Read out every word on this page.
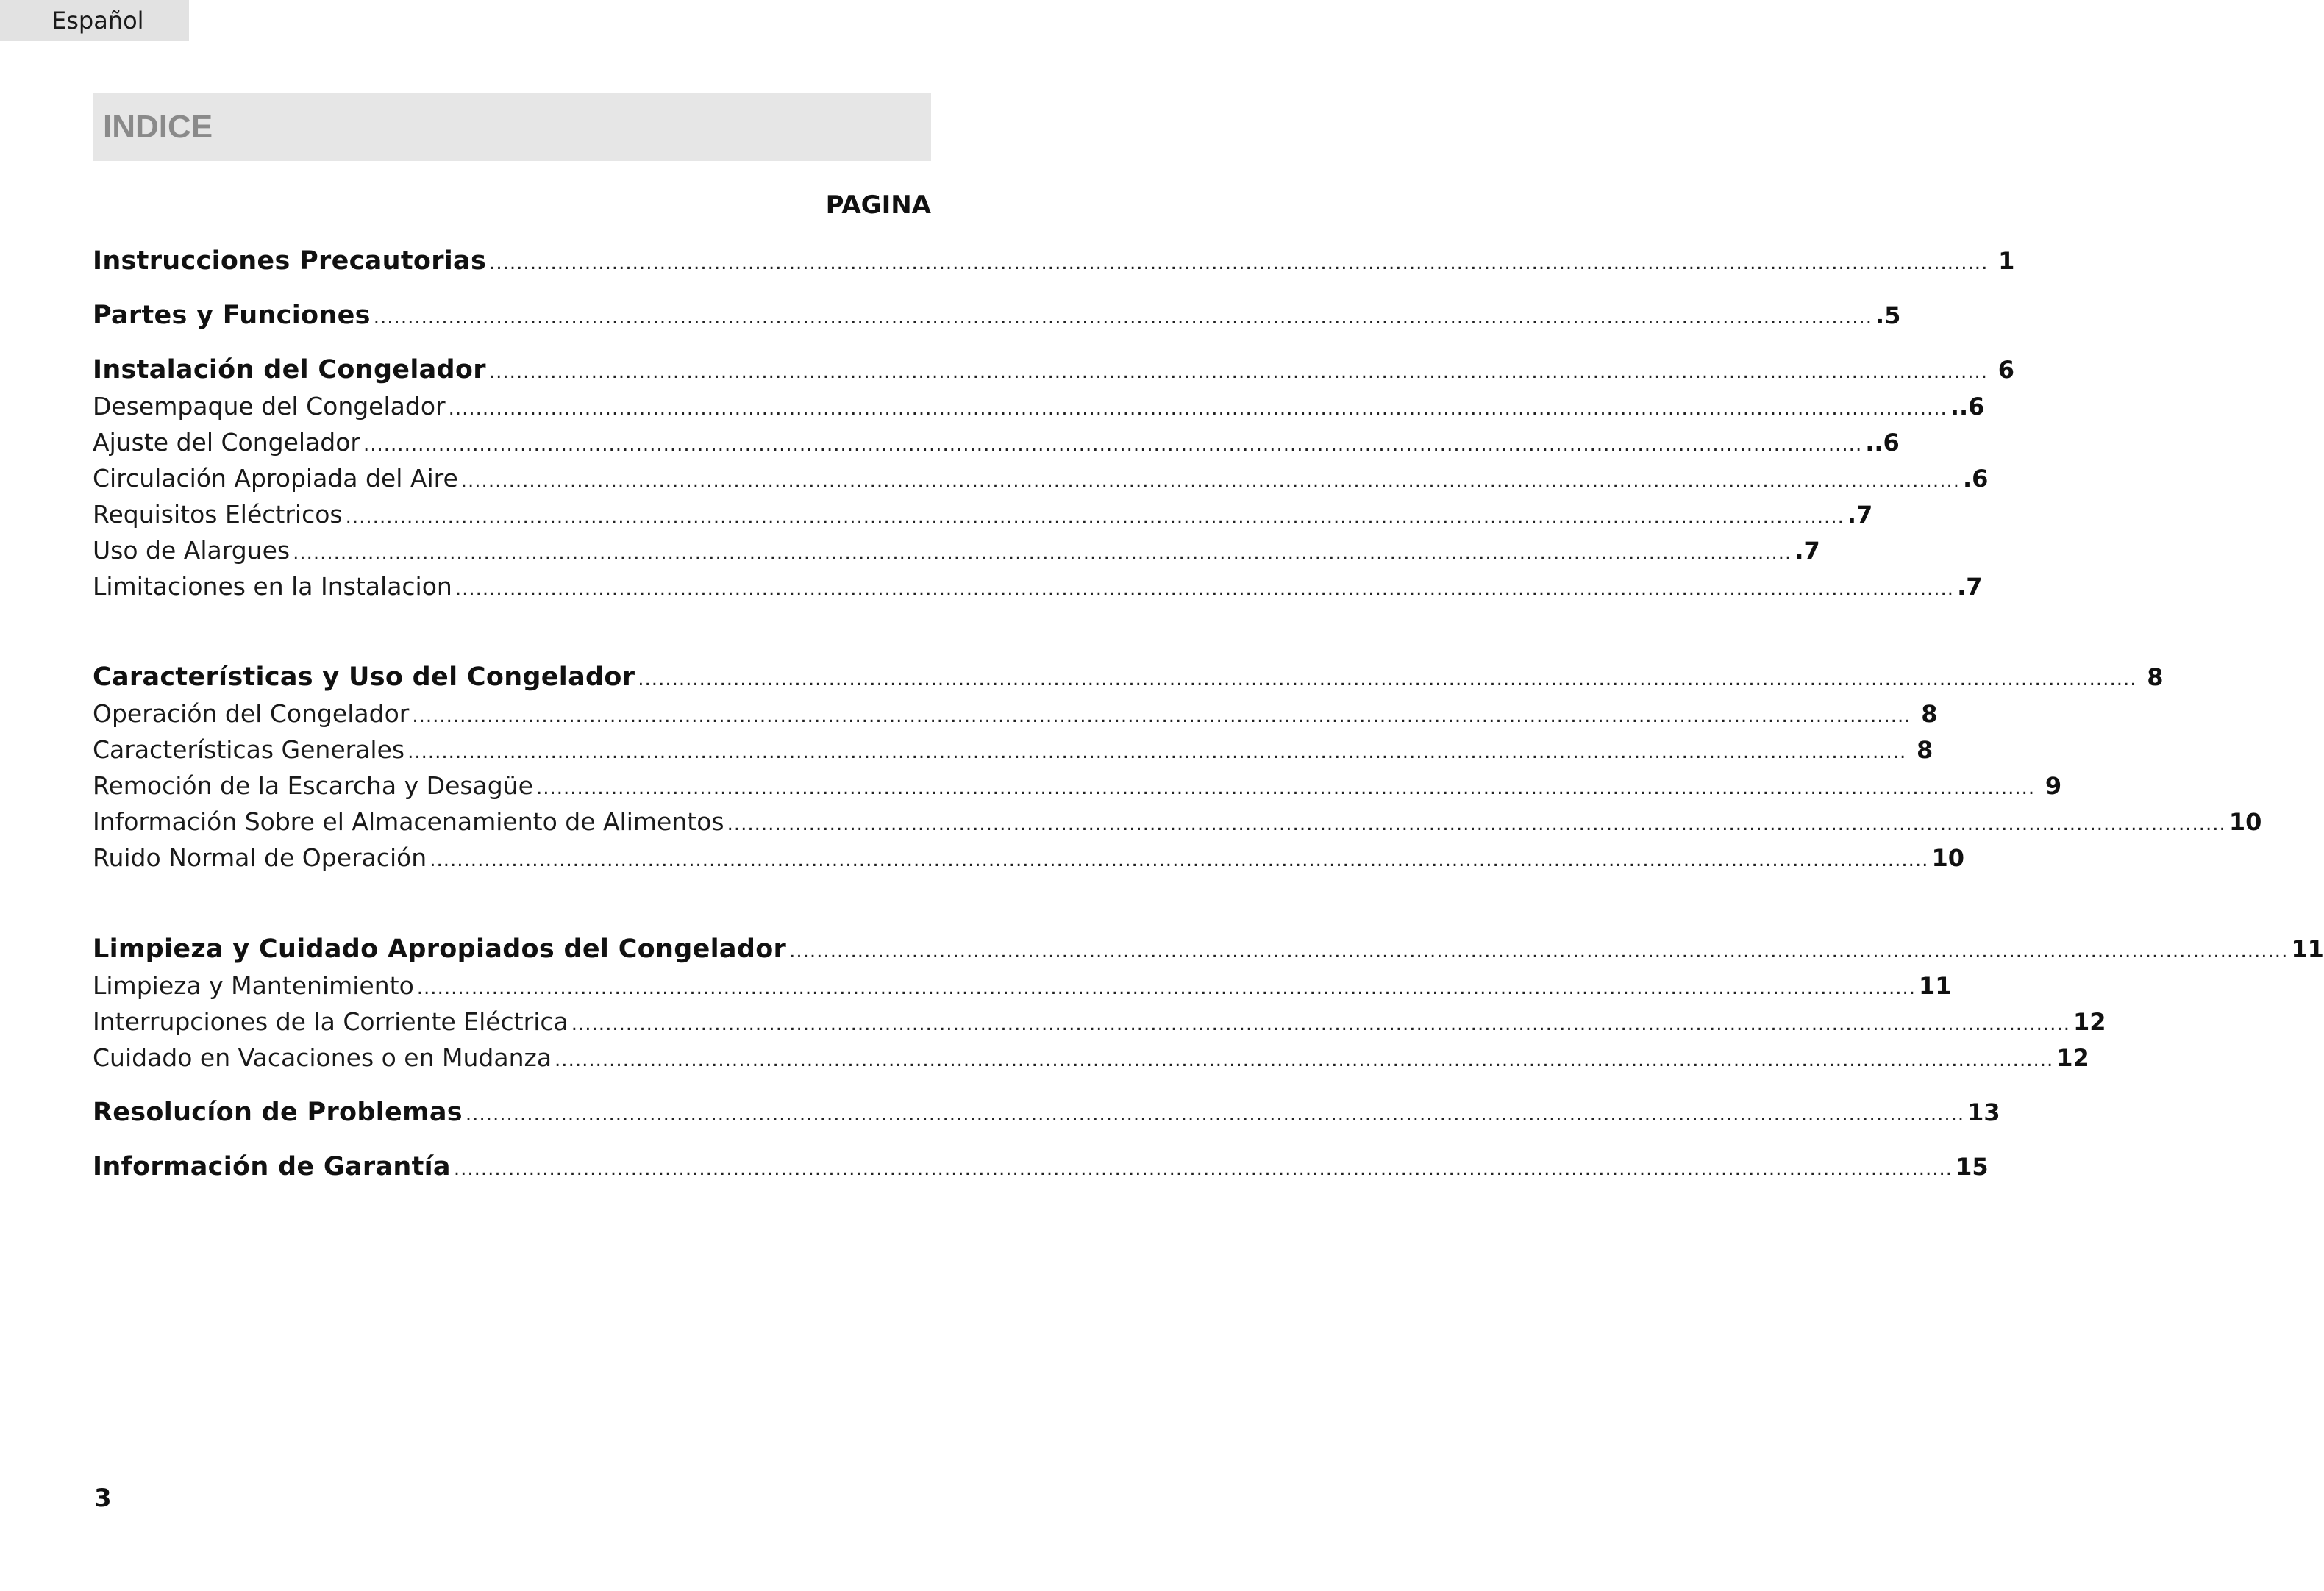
Español
INDICE
PAGINA
Instrucciones Precautorias ............................................................................................................................................................................................................................ 1
Partes y Funciones ............................................................................................................................................................................................................................ .5
Instalación del Congelador ............................................................................................................................................................................................................................ 6
Desempaque del Congelador ............................................................................................................................................................................................................................ ..6
Ajuste del Congelador ............................................................................................................................................................................................................................ ..6
Circulación Apropiada del Aire ............................................................................................................................................................................................................................ .6
Requisitos Eléctricos ............................................................................................................................................................................................................................ .7
Uso de Alargues ............................................................................................................................................................................................................................ .7
Limitaciones en la Instalacion ............................................................................................................................................................................................................................ .7
Características y Uso del Congelador ............................................................................................................................................................................................................................ 8
Operación del Congelador ............................................................................................................................................................................................................................ 8
Características Generales ............................................................................................................................................................................................................................ 8
Remoción de la Escarcha y Desagüe ............................................................................................................................................................................................................................ 9
Información Sobre el Almacenamiento de Alimentos ............................................................................................................................................................................................................................ 10
Ruido Normal de Operación ............................................................................................................................................................................................................................ 10
Limpieza y Cuidado Apropiados del Congelador ............................................................................................................................................................................................................................ 11
Limpieza y Mantenimiento ............................................................................................................................................................................................................................ 11
Interrupciones de la Corriente Eléctrica ............................................................................................................................................................................................................................ 12
Cuidado en Vacaciones o en Mudanza ............................................................................................................................................................................................................................ 12
Resolucíon de Problemas ............................................................................................................................................................................................................................ 13
Información de Garantía ............................................................................................................................................................................................................................ 15
3
